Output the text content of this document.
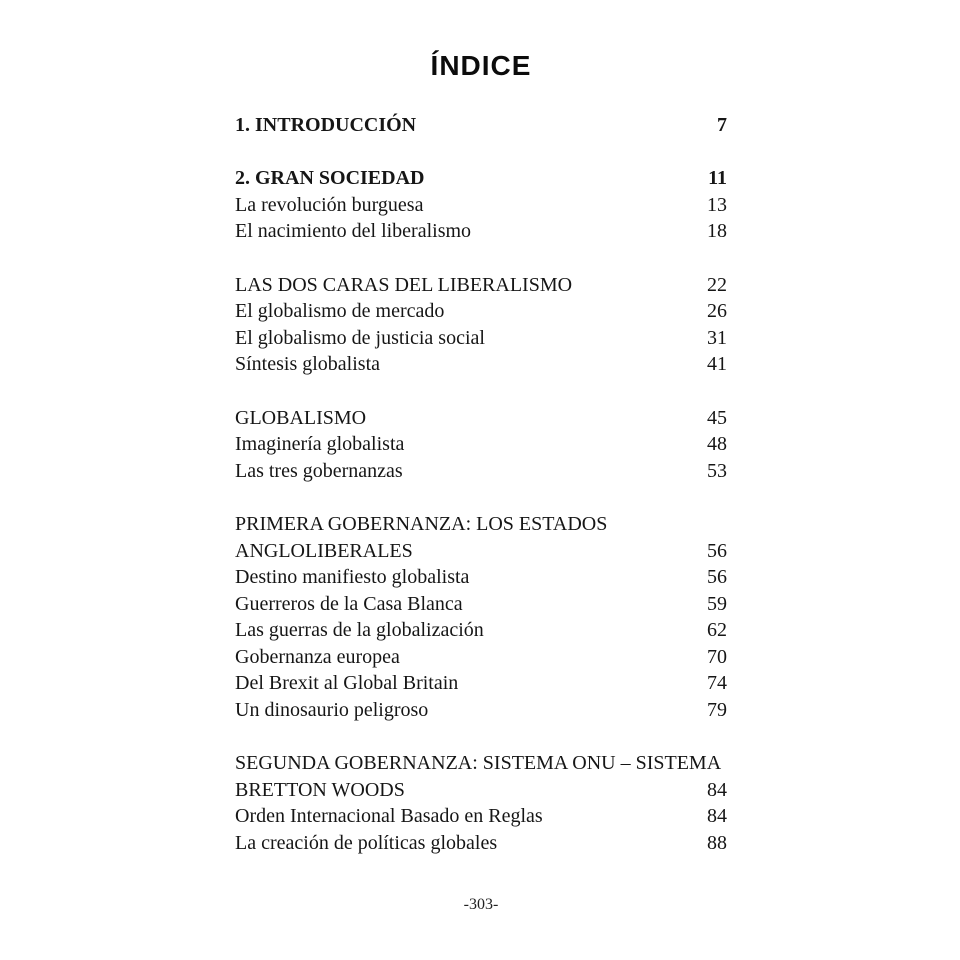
ÍNDICE
1. INTRODUCCIÓN	7
2. GRAN SOCIEDAD	11
La revolución burguesa	13
El nacimiento del liberalismo	18
LAS DOS CARAS DEL LIBERALISMO	22
El globalismo de mercado	26
El globalismo de justicia social	31
Síntesis globalista	41
GLOBALISMO	45
Imaginería globalista	48
Las tres gobernanzas	53
PRIMERA GOBERNANZA: LOS ESTADOS
ANGLOLIBERALES	56
Destino manifiesto globalista	56
Guerreros de la Casa Blanca	59
Las guerras de la globalización	62
Gobernanza europea	70
Del Brexit al Global Britain	74
Un dinosaurio peligroso	79
SEGUNDA GOBERNANZA: SISTEMA ONU – SISTEMA
BRETTON WOODS	84
Orden Internacional Basado en Reglas	84
La creación de políticas globales	88
-303-
